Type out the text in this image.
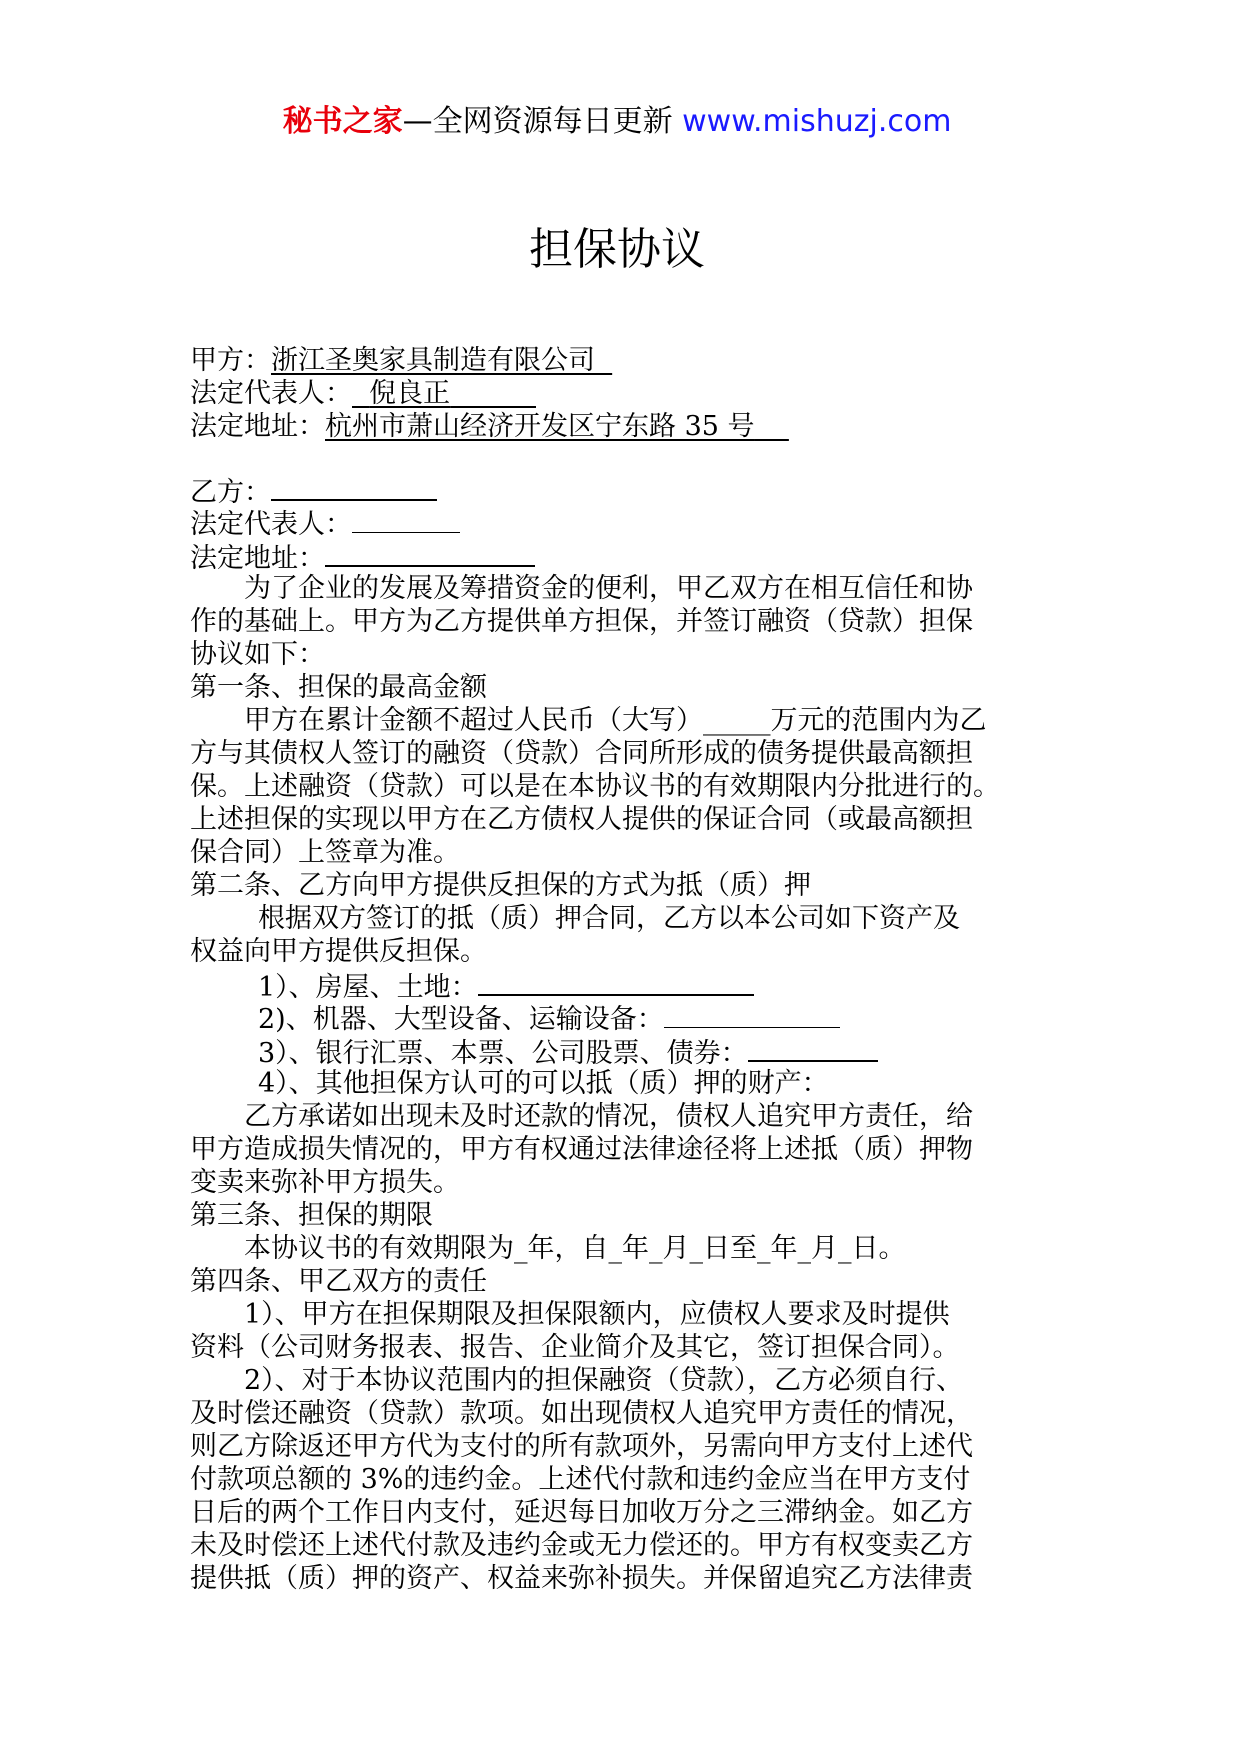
秘书之家—全网资源每日更新 www.mishuzj.com
担保协议
甲方：浙江圣奥家具制造有限公司
法定代表人： 倪良正
法定地址：杭州市萧山经济开发区宁东路 35 号
乙方：
法定代表人：
法定地址：
为了企业的发展及筹措资金的便利，甲乙双方在相互信任和协
作的基础上。甲方为乙方提供单方担保，并签订融资（贷款）担保
协议如下：
第一条、担保的最高金额
甲方在累计金额不超过人民币（大写）_____万元的范围内为乙
方与其债权人签订的融资（贷款）合同所形成的债务提供最高额担
保。上述融资（贷款）可以是在本协议书的有效期限内分批进行的。
上述担保的实现以甲方在乙方债权人提供的保证合同（或最高额担
保合同）上签章为准。
第二条、乙方向甲方提供反担保的方式为抵（质）押
根据双方签订的抵（质）押合同，乙方以本公司如下资产及
权益向甲方提供反担保。
1）、房屋、土地：
2)、机器、大型设备、运输设备：
3）、银行汇票、本票、公司股票、债券：
4）、其他担保方认可的可以抵（质）押的财产：
乙方承诺如出现未及时还款的情况，债权人追究甲方责任，给
甲方造成损失情况的，甲方有权通过法律途径将上述抵（质）押物
变卖来弥补甲方损失。
第三条、担保的期限
本协议书的有效期限为_年，自_年_月_日至_年_月_日。
第四条、甲乙双方的责任
1）、甲方在担保期限及担保限额内，应债权人要求及时提供
资料（公司财务报表、报告、企业简介及其它，签订担保合同）。
2）、对于本协议范围内的担保融资（贷款），乙方必须自行、
及时偿还融资（贷款）款项。如出现债权人追究甲方责任的情况，
则乙方除返还甲方代为支付的所有款项外，另需向甲方支付上述代
付款项总额的 3%的违约金。上述代付款和违约金应当在甲方支付
日后的两个工作日内支付，延迟每日加收万分之三滞纳金。如乙方
未及时偿还上述代付款及违约金或无力偿还的。甲方有权变卖乙方
提供抵（质）押的资产、权益来弥补损失。并保留追究乙方法律责
